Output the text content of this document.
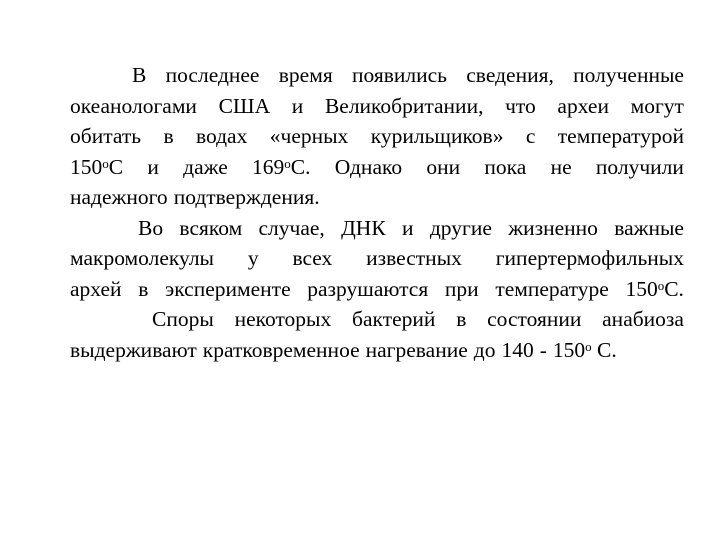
В последнее время появились сведения, полученные
океанологами США и Великобритании, что археи могут
обитать в водах «черных курильщиков» с температурой
150$^o$С и даже 169$^o$С. Однако они пока не получили
надежного подтверждения.
Во всяком случае, ДНК и другие жизненно важные
макромолекулы у всех известных гипертермофильных
архей в эксперименте разрушаются при температуре 150$^o$С.
Споры некоторых бактерий в состоянии анабиоза
выдерживают кратковременное нагревание до 140 - 150$^o$ С.
